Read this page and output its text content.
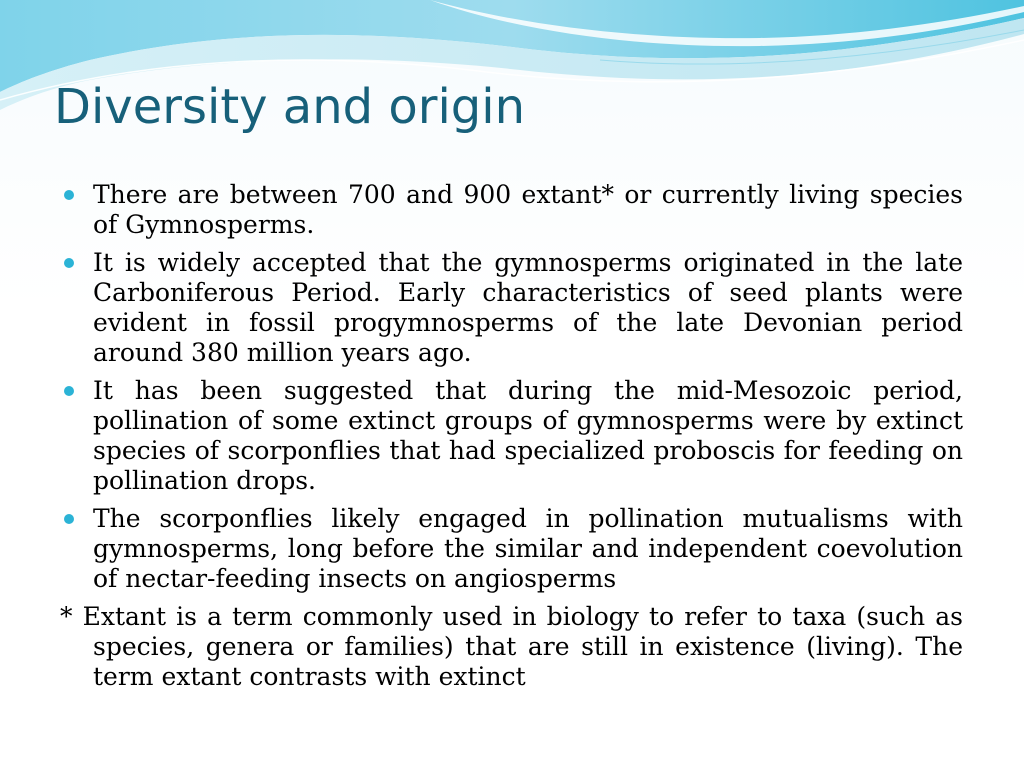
Diversity and origin
There are between 700 and 900 extant* or currently living species of Gymnosperms.
It is widely accepted that the gymnosperms originated in the late Carboniferous Period. Early characteristics of seed plants were evident in fossil progymnosperms of the late Devonian period around 380 million years ago.
It has been suggested that during the mid-Mesozoic period, pollination of some extinct groups of gymnosperms were by extinct species of scorponflies that had specialized proboscis for feeding on pollination drops.
The scorponflies likely engaged in pollination mutualisms with gymnosperms, long before the similar and independent coevolution of nectar-feeding insects on angiosperms

* Extant is a term commonly used in biology to refer to taxa (such as species, genera or families) that are still in existence (living). The term extant contrasts with extinct
